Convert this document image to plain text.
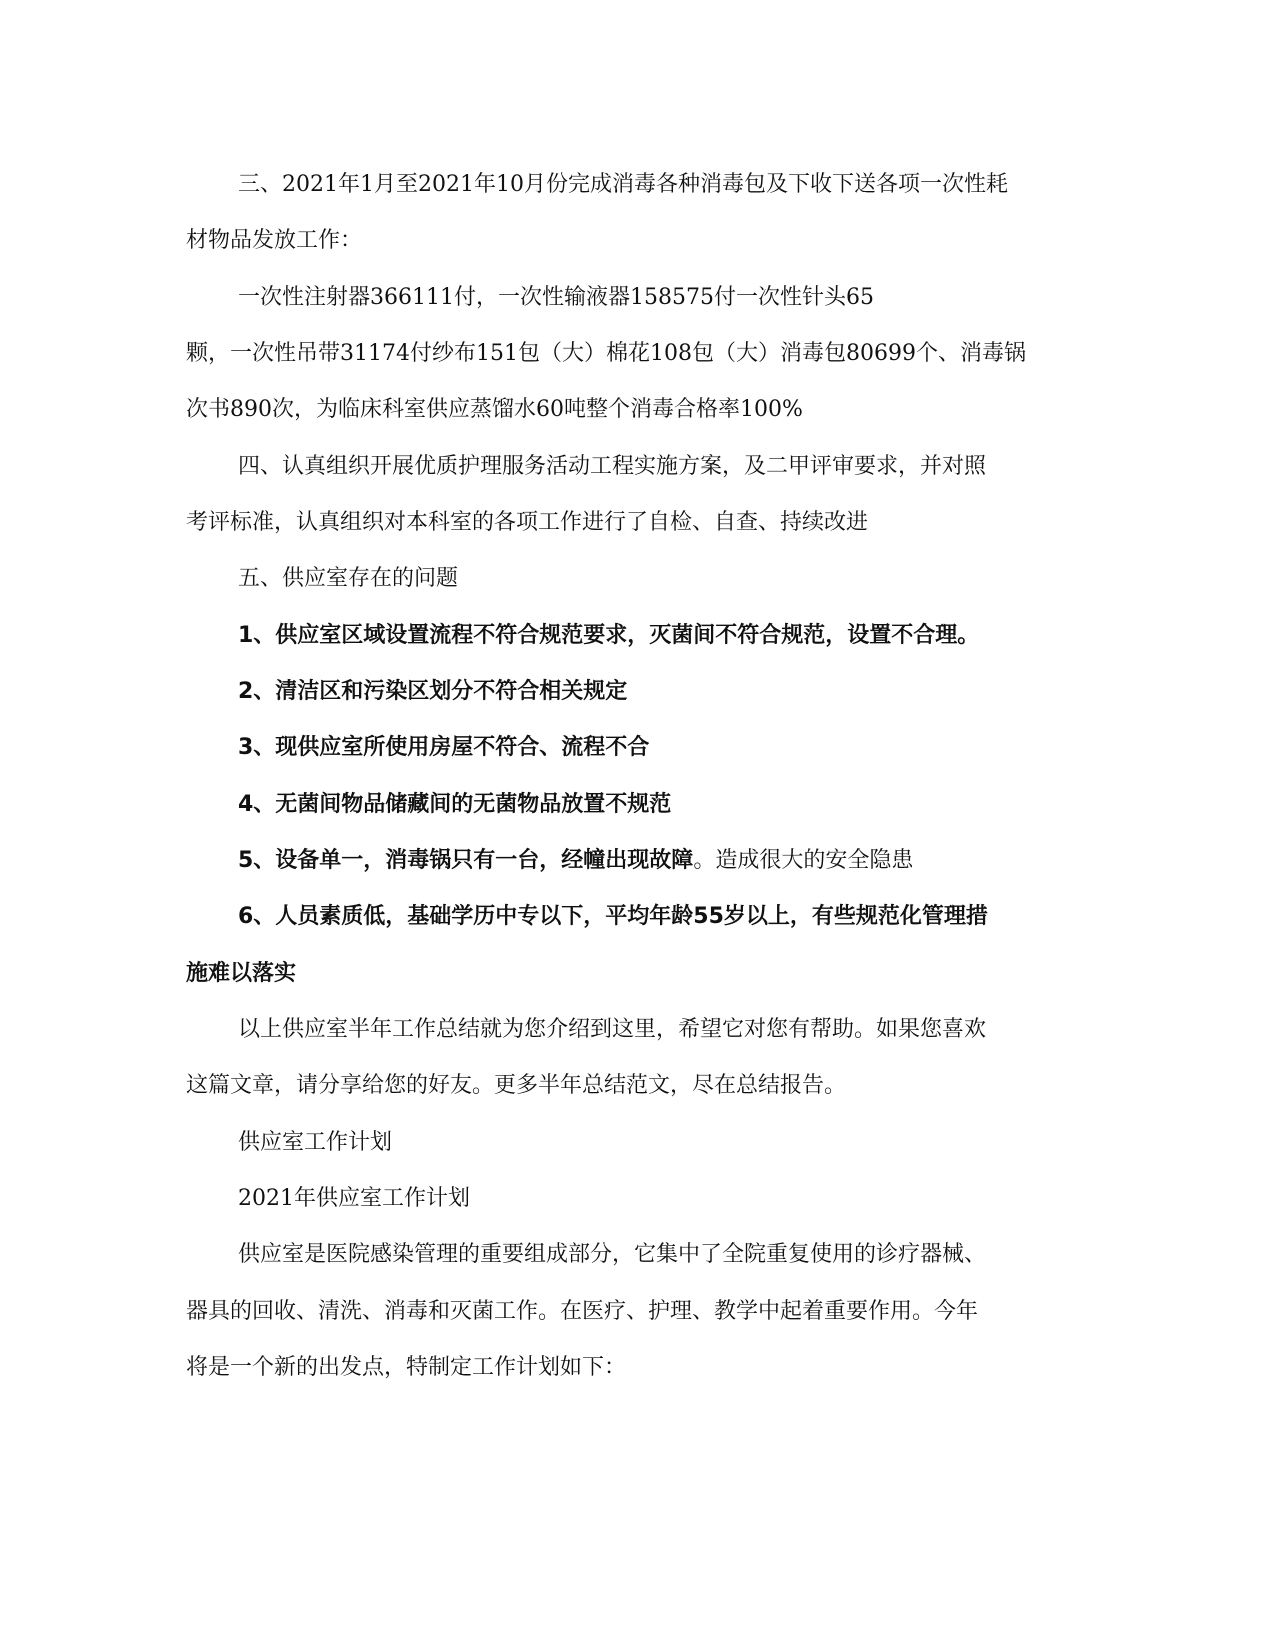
三、2021年1月至2021年10月份完成消毒各种消毒包及下收下送各项一次性耗
材物品发放工作：
一次性注射器366111付，一次性输液器158575付一次性针头65
颗，一次性吊带31174付纱布151包（大）棉花108包（大）消毒包80699个、消毒锅
次书890次，为临床科室供应蒸馏水60吨整个消毒合格率100%
四、认真组织开展优质护理服务活动工程实施方案，及二甲评审要求，并对照
考评标准，认真组织对本科室的各项工作进行了自检、自查、持续改进
五、供应室存在的问题
1、供应室区域设置流程不符合规范要求，灭菌间不符合规范，设置不合理。
2、清洁区和污染区划分不符合相关规定
3、现供应室所使用房屋不符合、流程不合
4、无菌间物品储藏间的无菌物品放置不规范
5、设备单一，消毒锅只有一台，经幢出现故障。造成很大的安全隐患
6、人员素质低，基础学历中专以下，平均年龄55岁以上，有些规范化管理措
施难以落实
以上供应室半年工作总结就为您介绍到这里，希望它对您有帮助。如果您喜欢
这篇文章，请分享给您的好友。更多半年总结范文，尽在总结报告。
供应室工作计划
2021年供应室工作计划
供应室是医院感染管理的重要组成部分，它集中了全院重复使用的诊疗器械、
器具的回收、清洗、消毒和灭菌工作。在医疗、护理、教学中起着重要作用。今年
将是一个新的出发点，特制定工作计划如下：
